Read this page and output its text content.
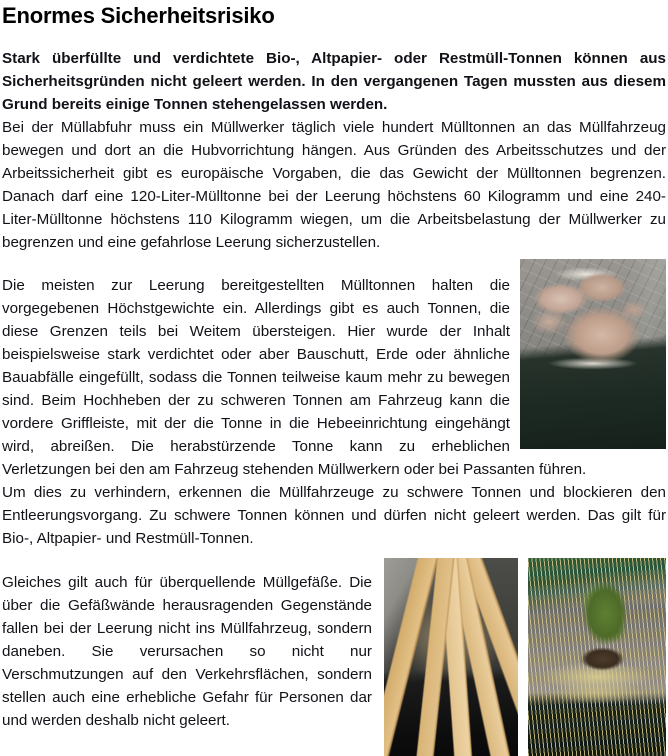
Enormes Sicherheitsrisiko

Stark überfüllte und verdichtete Bio-, Altpapier- oder Restmüll-Tonnen können aus Sicherheitsgründen nicht geleert werden. In den vergangenen Tagen mussten aus diesem Grund bereits einige Tonnen stehengelassen werden.

Bei der Müllabfuhr muss ein Müllwerker täglich viele hundert Mülltonnen an das Müllfahrzeug bewegen und dort an die Hubvorrichtung hängen. Aus Gründen des Arbeitsschutzes und der Arbeitssicherheit gibt es europäische Vorgaben, die das Gewicht der Mülltonnen begrenzen. Danach darf eine 120-Liter-Mülltonne bei der Leerung höchstens 60 Kilogramm und eine 240-Liter-Mülltonne höchstens 110 Kilogramm wiegen, um die Arbeitsbelastung der Müllwerker zu begrenzen und eine gefahrlose Leerung sicherzustellen.

Die meisten zur Leerung bereitgestellten Mülltonnen halten die vorgegebenen Höchstgewichte ein. Allerdings gibt es auch Tonnen, die diese Grenzen teils bei Weitem übersteigen. Hier wurde der Inhalt beispielsweise stark verdichtet oder aber Bauschutt, Erde oder ähnliche Bauabfälle eingefüllt, sodass die Tonnen teilweise kaum mehr zu bewegen sind. Beim Hochheben der zu schweren Tonnen am Fahrzeug kann die vordere Griffleiste, mit der die Tonne in die Hebeeinrichtung eingehängt wird, abreißen. Die herabstürzende Tonne kann zu erheblichen Verletzungen bei den am Fahrzeug stehenden Müllwerkern oder bei Passanten führen.

Um dies zu verhindern, erkennen die Müllfahrzeuge zu schwere Tonnen und blockieren den Entleerungsvorgang. Zu schwere Tonnen können und dürfen nicht geleert werden. Das gilt für Bio-, Altpapier- und Restmüll-Tonnen.

Gleiches gilt auch für überquellende Müllgefäße. Die über die Gefäßwände herausragenden Gegenstände fallen bei der Leerung nicht ins Müllfahrzeug, sondern daneben. Sie verursachen so nicht nur Verschmutzungen auf den Verkehrsflächen, sondern stellen auch eine erhebliche Gefahr für Personen dar und werden deshalb nicht geleert.
